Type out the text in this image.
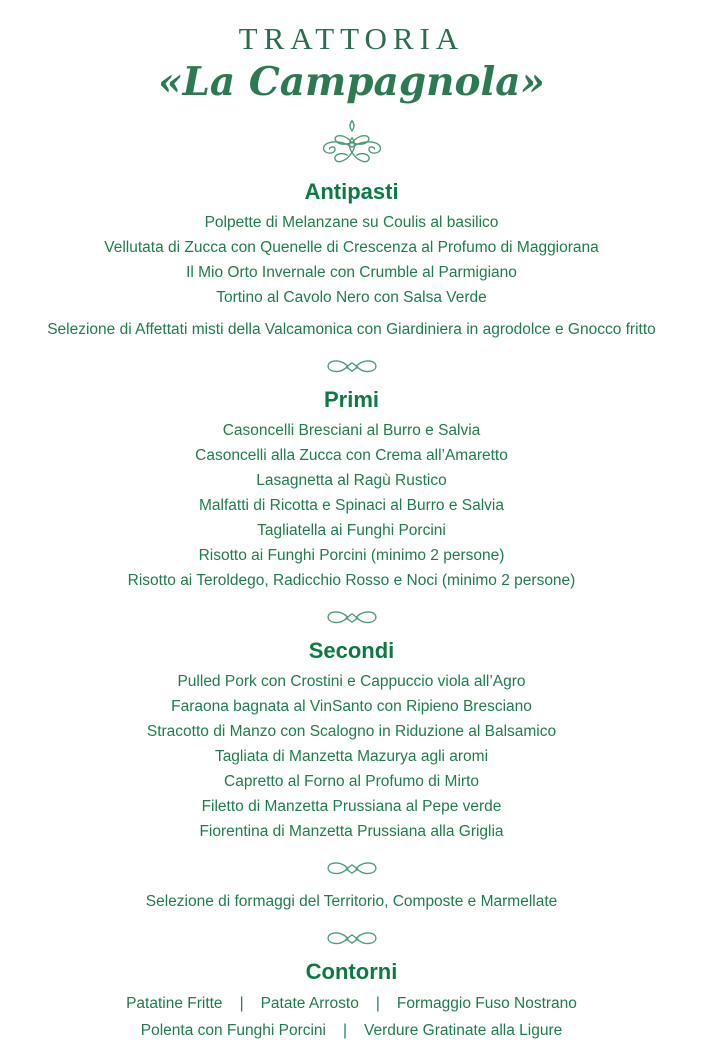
TRATTORIA
«La Campagnola»
Antipasti
Polpette di Melanzane su Coulis al basilico
Vellutata di Zucca con Quenelle di Crescenza al Profumo di Maggiorana
Il Mio Orto Invernale con Crumble al Parmigiano
Tortino al Cavolo Nero con Salsa Verde
Selezione di Affettati misti della Valcamonica con Giardiniera in agrodolce e Gnocco fritto
Primi
Casoncelli Bresciani al Burro e Salvia
Casoncelli alla Zucca con Crema all’Amaretto
Lasagnetta al Ragù Rustico
Malfatti di Ricotta e Spinaci al Burro e Salvia
Tagliatella ai Funghi Porcini
Risotto ai Funghi Porcini (minimo 2 persone)
Risotto ai Teroldego, Radicchio Rosso e Noci (minimo 2 persone)
Secondi
Pulled Pork con Crostini e Cappuccio viola all’Agro
Faraona bagnata al VinSanto con Ripieno Bresciano
Stracotto di Manzo con Scalogno in Riduzione al Balsamico
Tagliata di Manzetta Mazurya agli aromi
Capretto al Forno al Profumo di Mirto
Filetto di Manzetta Prussiana al Pepe verde
Fiorentina di Manzetta Prussiana alla Griglia
Selezione di formaggi del Territorio, Composte e Marmellate
Contorni
Patatine Fritte | Patate Arrosto | Formaggio Fuso Nostrano
Polenta con Funghi Porcini | Verdure Gratinate alla Ligure
